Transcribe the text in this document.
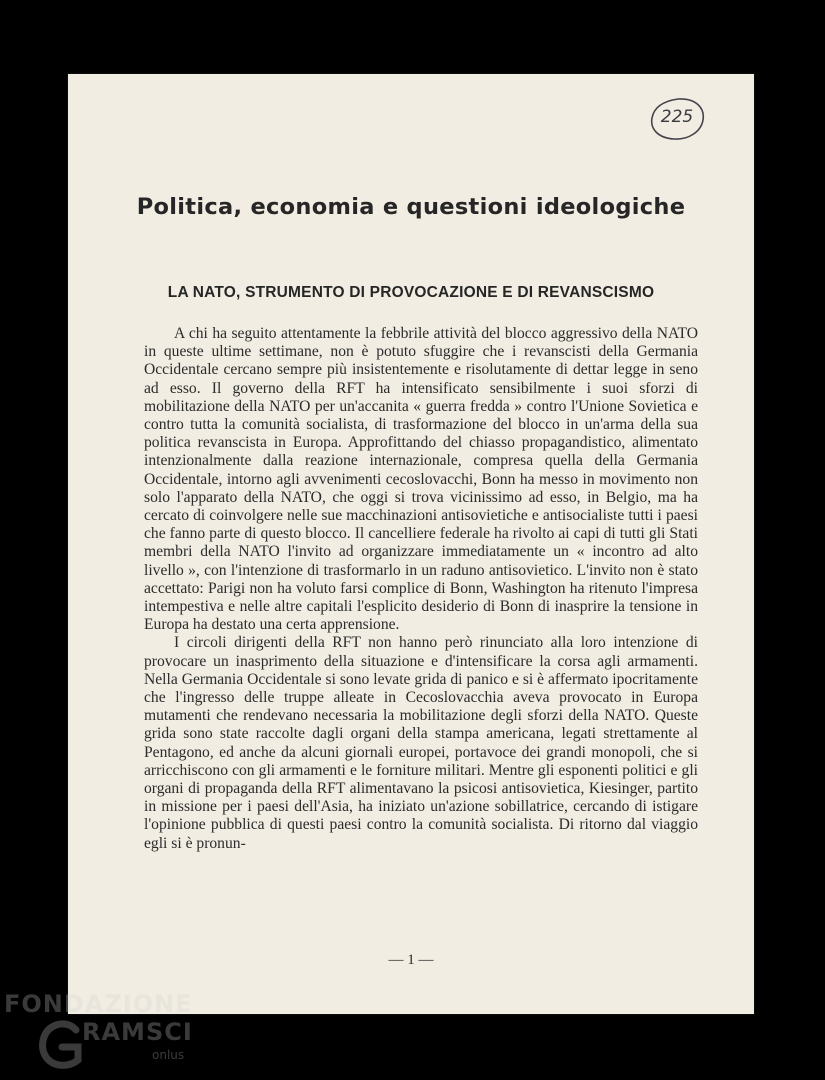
225
Politica, economia e questioni ideologiche
LA NATO, STRUMENTO DI PROVOCAZIONE E DI REVANSCISMO

A chi ha seguito attentamente la febbrile attività del blocco aggressivo della NATO in queste ultime settimane, non è potuto sfuggire che i revanscisti della Germania Occidentale cercano sempre più insistentemente e risolutamente di dettar legge in seno ad esso. Il governo della RFT ha intensificato sensibilmente i suoi sforzi di mobilitazione della NATO per un'accanita « guerra fredda » contro l'Unione Sovietica e contro tutta la comunità socialista, di trasformazione del blocco in un'arma della sua politica revanscista in Europa. Approfittando del chiasso propagandistico, alimentato intenzionalmente dalla reazione internazionale, compresa quella della Germania Occidentale, intorno agli avvenimenti cecoslovacchi, Bonn ha messo in movimento non solo l'apparato della NATO, che oggi si trova vicinissimo ad esso, in Belgio, ma ha cercato di coinvolgere nelle sue macchinazioni antisovietiche e antisocialiste tutti i paesi che fanno parte di questo blocco. Il cancelliere federale ha rivolto ai capi di tutti gli Stati membri della NATO l'invito ad organizzare immediatamente un « incontro ad alto livello », con l'intenzione di trasformarlo in un raduno antisovietico. L'invito non è stato accettato: Parigi non ha voluto farsi complice di Bonn, Washington ha ritenuto l'impresa intempestiva e nelle altre capitali l'esplicito desiderio di Bonn di inasprire la tensione in Europa ha destato una certa apprensione.

I circoli dirigenti della RFT non hanno però rinunciato alla loro intenzione di provocare un inasprimento della situazione e d'intensificare la corsa agli armamenti. Nella Germania Occidentale si sono levate grida di panico e si è affermato ipocritamente che l'ingresso delle truppe alleate in Cecoslovacchia aveva provocato in Europa mutamenti che rendevano necessaria la mobilitazione degli sforzi della NATO. Queste grida sono state raccolte dagli organi della stampa americana, legati strettamente al Pentagono, ed anche da alcuni giornali europei, portavoce dei grandi monopoli, che si arricchiscono con gli armamenti e le forniture militari. Mentre gli esponenti politici e gli organi di propaganda della RFT alimentavano la psicosi antisovietica, Kiesinger, partito in missione per i paesi dell'Asia, ha iniziato un'azione sobillatrice, cercando di istigare l'opinione pubblica di questi paesi contro la comunità socialista. Di ritorno dal viaggio egli si è pronun-

— 1 —
FONDAZIONE
RAMSCI
onlus
